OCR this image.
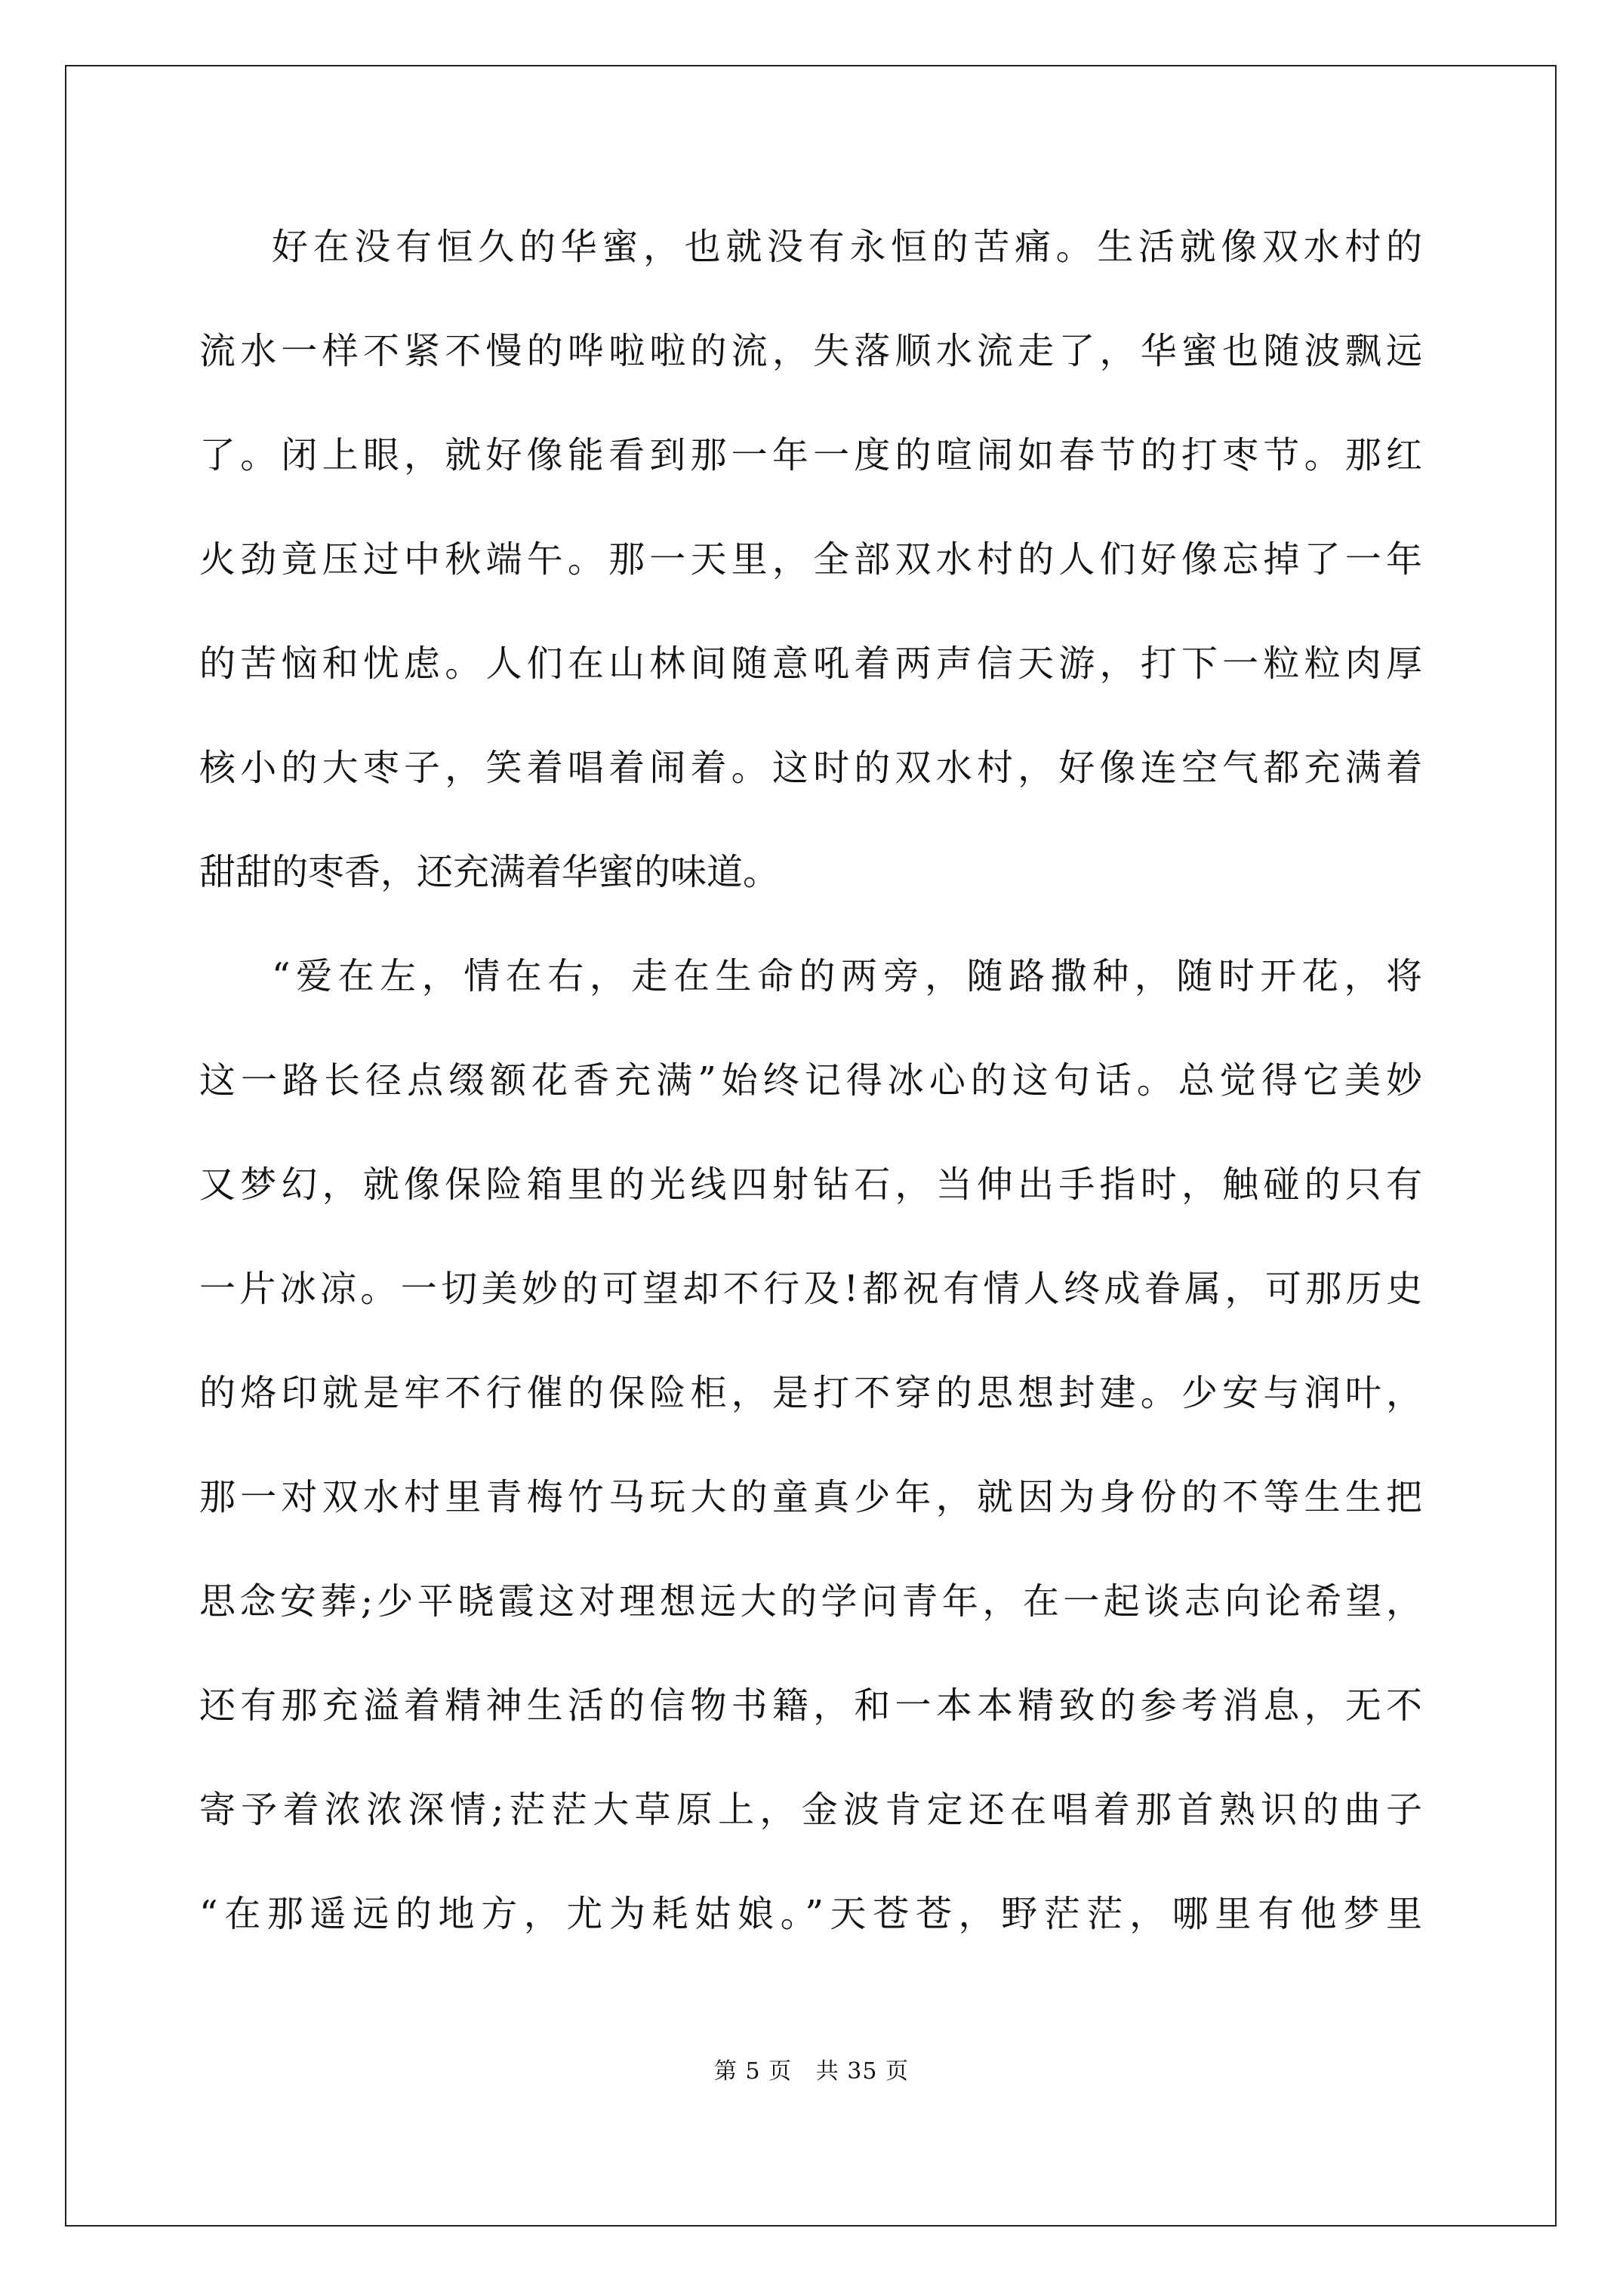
好在没有恒久的华蜜，也就没有永恒的苦痛。生活就像双水村的
流水一样不紧不慢的哗啦啦的流，失落顺水流走了，华蜜也随波飘远
了。闭上眼，就好像能看到那一年一度的喧闹如春节的打枣节。那红
火劲竟压过中秋端午。那一天里，全部双水村的人们好像忘掉了一年
的苦恼和忧虑。人们在山林间随意吼着两声信天游，打下一粒粒肉厚
核小的大枣子，笑着唱着闹着。这时的双水村，好像连空气都充满着
甜甜的枣香，还充满着华蜜的味道。
“爱在左，情在右，走在生命的两旁，随路撒种，随时开花，将
这一路长径点缀额花香充满”始终记得冰心的这句话。总觉得它美妙
又梦幻，就像保险箱里的光线四射钻石，当伸出手指时，触碰的只有
一片冰凉。一切美妙的可望却不行及!都祝有情人终成眷属，可那历史
的烙印就是牢不行催的保险柜，是打不穿的思想封建。少安与润叶，
那一对双水村里青梅竹马玩大的童真少年，就因为身份的不等生生把
思念安葬;少平晓霞这对理想远大的学问青年，在一起谈志向论希望，
还有那充溢着精神生活的信物书籍，和一本本精致的参考消息，无不
寄予着浓浓深情;茫茫大草原上，金波肯定还在唱着那首熟识的曲子
“在那遥远的地方，尤为耗姑娘。”天苍苍，野茫茫，哪里有他梦里
第 5 页 共 35 页
